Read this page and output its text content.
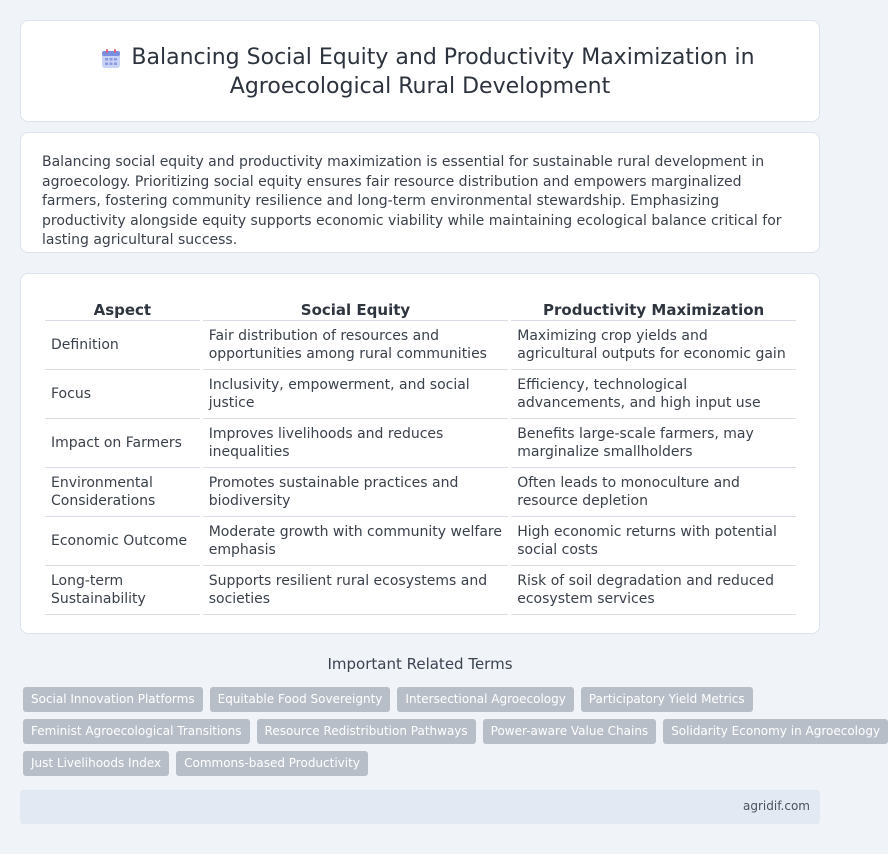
Balancing Social Equity and Productivity Maximization in
Agroecological Rural Development

Balancing social equity and productivity maximization is essential for sustainable rural development in agroecology. Prioritizing social equity ensures fair resource distribution and empowers marginalized farmers, fostering community resilience and long-term environmental stewardship. Emphasizing productivity alongside equity supports economic viability while maintaining ecological balance critical for lasting agricultural success.

Aspect	Social Equity	Productivity Maximization
Definition	Fair distribution of resources and opportunities among rural communities	Maximizing crop yields and agricultural outputs for economic gain
Focus	Inclusivity, empowerment, and social justice	Efficiency, technological advancements, and high input use
Impact on Farmers	Improves livelihoods and reduces inequalities	Benefits large-scale farmers, may marginalize smallholders
Environmental Considerations	Promotes sustainable practices and biodiversity	Often leads to monoculture and resource depletion
Economic Outcome	Moderate growth with community welfare emphasis	High economic returns with potential social costs
Long-term Sustainability	Supports resilient rural ecosystems and societies	Risk of soil degradation and reduced ecosystem services
Important Related Terms
Social Innovation Platforms	Equitable Food Sovereignty	Intersectional Agroecology	Participatory Yield Metrics
Feminist Agroecological Transitions	Resource Redistribution Pathways	Power-aware Value Chains	Solidarity Economy in Agroecology
Just Livelihoods Index	Commons-based Productivity
agridif.com
